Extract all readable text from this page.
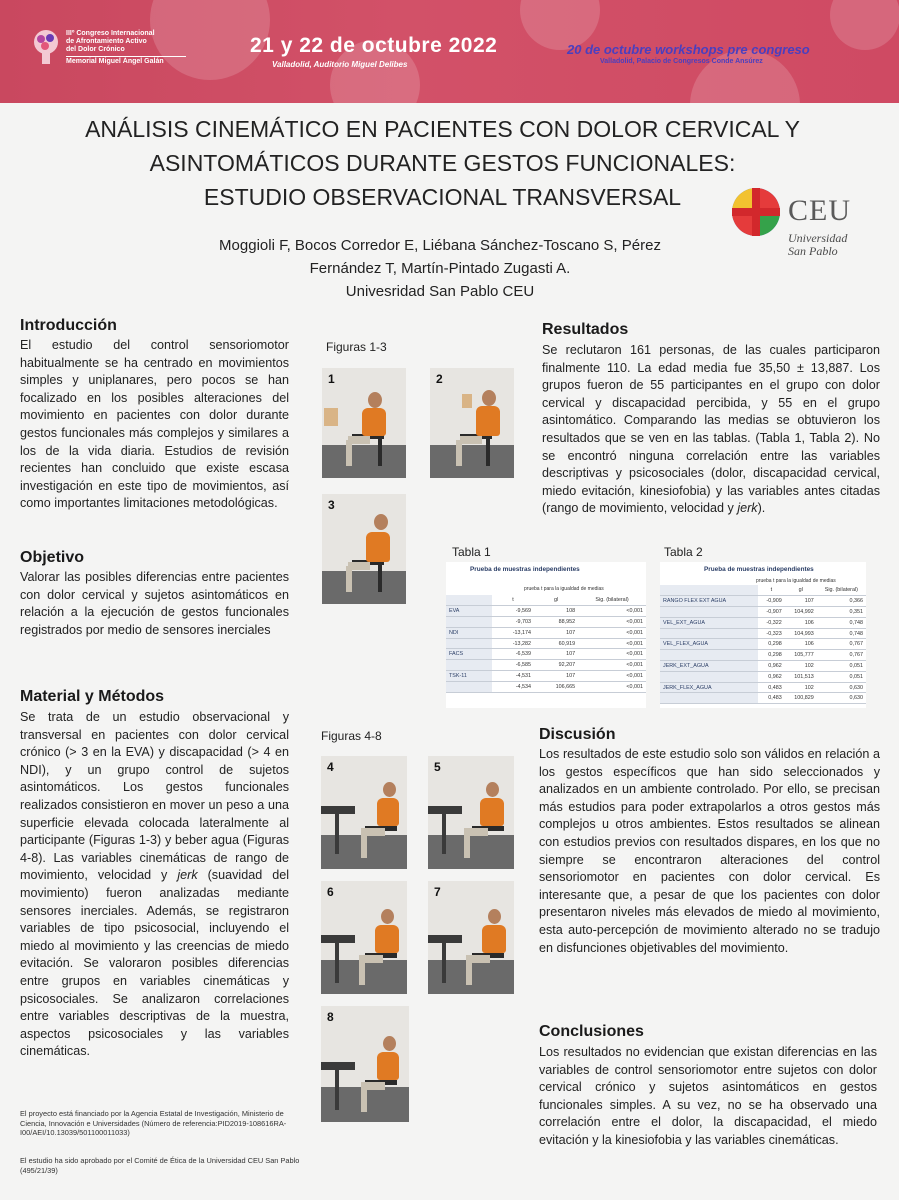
IIIº Congreso Internacional
de Afrontamiento Activo
del Dolor Crónico
Memorial Miguel Ángel Galán
21 y 22 de octubre 2022
Valladolid, Auditorio Miguel Delibes
20 de octubre workshops pre congreso
Valladolid, Palacio de Congresos Conde Ansúrez
ANÁLISIS CINEMÁTICO EN PACIENTES CON DOLOR CERVICAL Y
ASINTOMÁTICOS DURANTE GESTOS FUNCIONALES:
ESTUDIO OBSERVACIONAL TRANSVERSAL
Moggioli F, Bocos Corredor E, Liébana Sánchez-Toscano S, Pérez
Fernández T, Martín-Pintado Zugasti A.
Univesridad San Pablo CEU
CEU
Universidad
San Pablo
Introducción

El estudio del control sensoriomotor habitualmente se ha centrado en movimientos simples y uniplanares, pero pocos se han focalizado en los posibles alteraciones del movimiento en pacientes con dolor durante gestos funcionales más complejos y similares a los de la vida diaria. Estudios de revisión recientes han concluido que existe escasa investigación en este tipo de movimientos, así como importantes limitaciones metodológicas.

Objetivo

Valorar las posibles diferencias entre pacientes con dolor cervical y sujetos asintomáticos en relación a la ejecución de gestos funcionales registrados por medio de sensores inerciales

Material y Métodos

Se trata de un estudio observacional y transversal en pacientes con dolor cervical crónico (> 3 en la EVA) y discapacidad (> 4 en NDI), y un grupo control de sujetos asintomáticos. Los gestos funcionales realizados consistieron en mover un peso a una superficie elevada colocada lateralmente al participante (Figuras 1-3) y beber agua (Figuras 4-8). Las variables cinemáticas de rango de movimiento, velocidad y jerk (suavidad del movimiento) fueron analizadas mediante sensores inerciales. Además, se registraron variables de tipo psicosocial, incluyendo el miedo al movimiento y las creencias de miedo evitación. Se valoraron posibles diferencias entre grupos en variables cinemáticas y psicosociales. Se analizaron correlaciones entre variables descriptivas de la muestra, aspectos psicosociales y las variables cinemáticas.

El proyecto está financiado por la Agencia Estatal de Investigación, Ministerio de Ciencia, Innovación e Universidades (Número de referencia:PID2019-108616RA-I00/AEI/10.13039/501100011033)

El estudio ha sido aprobado por el Comité de Ética de la Universidad CEU San Pablo (495/21/39)

Figuras 1-3
1	2
3
Figuras 4-8
4	5
6	7
8
Resultados

Se reclutaron 161 personas, de las cuales participaron finalmente 110. La edad media fue 35,50 ± 13,887. Los grupos fueron de 55 participantes en el grupo con dolor cervical y discapacidad percibida, y 55 en el grupo asintomático. Comparando las medias se obtuvieron los resultados que se ven en las tablas. (Tabla 1, Tabla 2). No se encontró ninguna correlación entre las variables descriptivas y psicosociales (dolor, discapacidad cervical, miedo evitación, kinesiofobia) y las variables antes citadas (rango de movimiento, velocidad y jerk).

Tabla 1
Prueba de muestras independientes
prueba t para la igualdad de medias
	t	gl	Sig. (bilateral)
EVA	-9,569	108	<0,001
	-9,703	88,952	<0,001
NDI	-13,174	107	<0,001
	-13,282	60,919	<0,001
FACS	-6,539	107	<0,001
	-6,585	92,207	<0,001
TSK-11	-4,531	107	<0,001
	-4,534	106,665	<0,001
Tabla 2
Prueba de muestras independientes
prueba t para la igualdad de medias
	t	gl	Sig. (bilateral)
RANGO FLEX EXT AGUA	-0,909	107	0,366
	-0,907	104,992	0,351
VEL_EXT_AGUA	-0,322	106	0,748
	-0,323	104,993	0,748
VEL_FLEX_AGUA	0,298	106	0,767
	0,298	105,777	0,767
JERK_EXT_AGUA	0,962	102	0,051
	0,962	101,513	0,051
JERK_FLEX_AGUA	0,483	102	0,630
	0,483	100,829	0,630
Discusión

Los resultados de este estudio solo son válidos en relación a los gestos específicos que han sido seleccionados y analizados en un ambiente controlado. Por ello, se precisan más estudios para poder extrapolarlos a otros gestos más complejos u otros ambientes. Estos resultados se alinean con estudios previos con resultados dispares, en los que no siempre se encontraron alteraciones del control sensoriomotor en pacientes con dolor cervical. Es interesante que, a pesar de que los pacientes con dolor presentaron niveles más elevados de miedo al movimiento, esta auto-percepción de movimiento alterado no se tradujo en disfunciones objetivables del movimiento.

Conclusiones

Los resultados no evidencian que existan diferencias en las variables de control sensoriomotor entre sujetos con dolor cervical crónico y sujetos asintomáticos en gestos funcionales simples. A su vez, no se ha observado una correlación entre el dolor, la discapacidad, el miedo evitación y la kinesiofobia y las variables cinemáticas.
